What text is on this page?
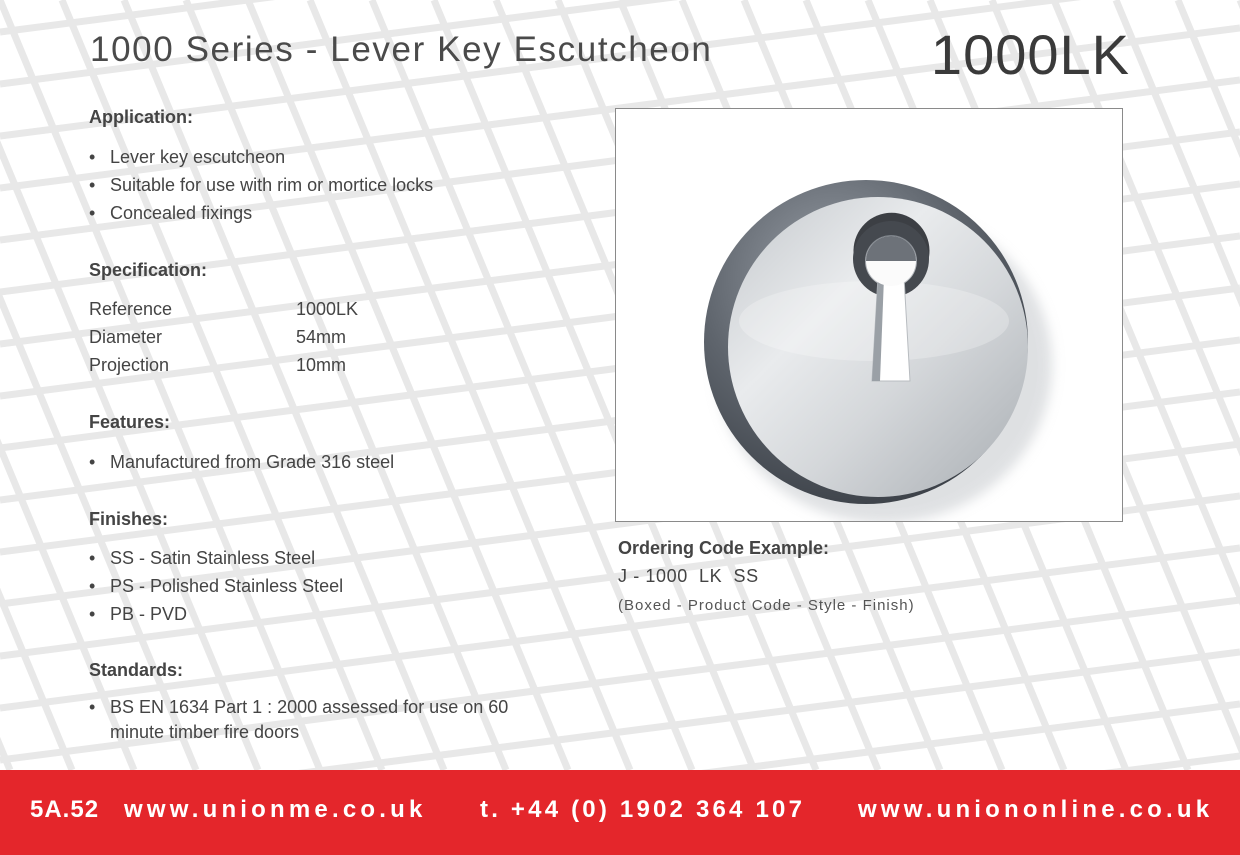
1000 Series - Lever Key Escutcheon	1000LK
Application:
• Lever key escutcheon
• Suitable for use with rim or mortice locks
• Concealed fixings
Specification:
Reference	1000LK
Diameter	54mm
Projection	10mm
Features:
• Manufactured from Grade 316 steel
Finishes:
• SS - Satin Stainless Steel
• PS - Polished Stainless Steel
• PB - PVD
Standards:
• BS EN 1634 Part 1 : 2000 assessed for use on 60 minute timber fire doors
Ordering Code Example:
J - 1000  LK  SS
(Boxed - Product Code - Style - Finish)
5A.52 www.unionme.co.uk t. +44 (0) 1902 364 107 www.uniononline.co.uk
